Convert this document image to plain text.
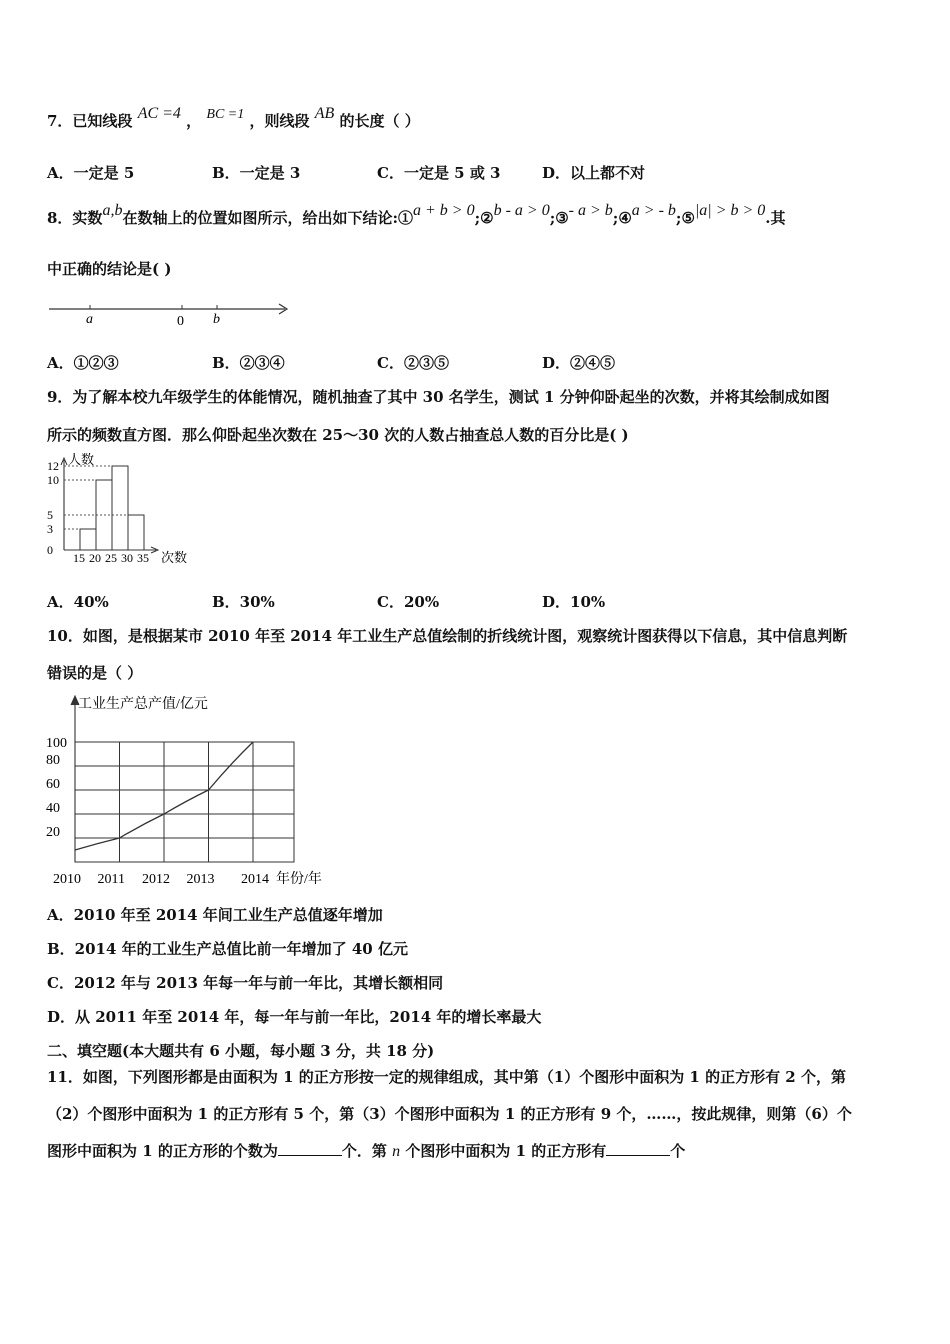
7．已知线段 AC =4 ， BC =1 ，则线段 AB 的长度（ ）
A．一定是 5	B．一定是 3	C．一定是 5 或 3	D．以上都不对
8．实数a,b在数轴上的位置如图所示，给出如下结论:①a + b > 0;②b - a > 0;③- a > b;④a > - b;⑤|a| > b > 0.其
中正确的结论是( )
a	0 b
A．①②③	B．②③④	C．②③⑤	D．②④⑤
9．为了解本校九年级学生的体能情况，随机抽查了其中 30 名学生，测试 1 分钟仰卧起坐的次数，并将其绘制成如图
所示的频数直方图．那么仰卧起坐次数在 25～30 次的人数占抽查总人数的百分比是( )
0
3
5
10
12
15 20 25 30 35
人数
次数
A．40%	B．30%	C．20%	D．10%
10．如图，是根据某市 2010 年至 2014 年工业生产总值绘制的折线统计图，观察统计图获得以下信息，其中信息判断
错误的是（ ）
20
40
60
80
100
2010 2011 2012 2013 2014
工业生产总产值/亿元
年份/年
A．2010 年至 2014 年间工业生产总值逐年增加
B．2014 年的工业生产总值比前一年增加了 40 亿元
C．2012 年与 2013 年每一年与前一年比，其增长额相同
D．从 2011 年至 2014 年，每一年与前一年比，2014 年的增长率最大
二、填空题(本大题共有 6 小题，每小题 3 分，共 18 分)
11．如图，下列图形都是由面积为 1 的正方形按一定的规律组成，其中第（1）个图形中面积为 1 的正方形有 2 个，第
（2）个图形中面积为 1 的正方形有 5 个，第（3）个图形中面积为 1 的正方形有 9 个，……，按此规律，则第（6）个
图形中面积为 1 的正方形的个数为	个．第 n 个图形中面积为 1 的正方形有	个
